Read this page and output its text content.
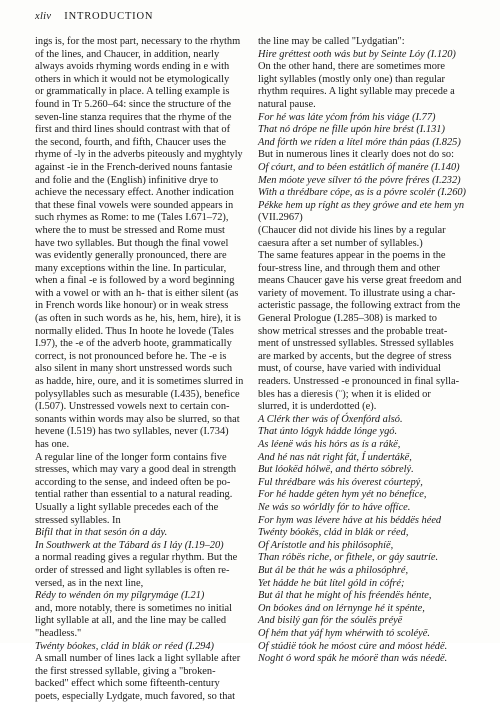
xliv INTRODUCTION
ings is, for the most part, necessary to the rhythm
of the lines, and Chaucer, in addition, nearly
always avoids rhyming words ending in e with
others in which it would not be etymologically
or grammatically in place. A telling example is
found in Tr 5.260–64: since the structure of the
seven-line stanza requires that the rhyme of the
first and third lines should contrast with that of
the second, fourth, and fifth, Chaucer uses the
rhyme of -ly in the adverbs piteously and myghtyly
against -ie in the French-derived nouns fantasie
and folie and the (English) infinitive drye to
achieve the necessary effect. Another indication
that these final vowels were sounded appears in
such rhymes as Rome: to me (Tales I.671–72),
where the to must be stressed and Rome must
have two syllables. But though the final vowel
was evidently generally pronounced, there are
many exceptions within the line. In particular,
when a final -e is followed by a word beginning
with a vowel or with an h- that is either silent (as
in French words like honour) or in weak stress
(as often in such words as he, his, hem, hire), it is
normally elided. Thus In hoote he lovede (Tales
I.97), the -e of the adverb hoote, grammatically
correct, is not pronounced before he. The -e is
also silent in many short unstressed words such
as hadde, hire, oure, and it is sometimes slurred in
polysyllables such as mesurable (I.435), benefice
(I.507). Unstressed vowels next to certain con-
sonants within words may also be slurred, so that
hevene (I.519) has two syllables, never (I.734)
has one.
A regular line of the longer form contains five
stresses, which may vary a good deal in strength
according to the sense, and indeed often be po-
tential rather than essential to a natural reading.
Usually a light syllable precedes each of the
stressed syllables. In
Bifil that in that sesón ón a dáy.
In Southwerk at the Tábard ás I láy (I.19–20)
a normal reading gives a regular rhythm. But the
order of stressed and light syllables is often re-
versed, as in the next line,
Rédy to wénden ón my pílgrymáge (I.21)
and, more notably, there is sometimes no initial
light syllable at all, and the line may be called
"headless."
Twénty bóokes, clád in blák or réed (I.294)
A small number of lines lack a light syllable after
the first stressed syllable, giving a "broken-
backed" effect which some fifteenth-century
poets, especially Lydgate, much favored, so that
the line may be called "Lydgatian":
Hire gréttest ooth wás but by Seinte Lóy (I.120)
On the other hand, there are sometimes more
light syllables (mostly only one) than regular
rhythm requires. A light syllable may precede a
natural pause.
For hé was láte yćom fróm his viáge (I.77)
That nó drópe ne fille upón hire brést (I.131)
And fórth we ríden a lítel móre thán páas (I.825)
But in numerous lines it clearly does not do so:
Of cóurt, and to béen estátlich óf manére (I.140)
Men móote yeve sílver tó the póvre fréres (I.232)
With a thrédbare cópe, as is a póvre scolér (I.260)
Pékke hem up ríght as they grówe and ete hem yn
(VII.2967)
(Chaucer did not divide his lines by a regular
caesura after a set number of syllables.)
The same features appear in the poems in the
four-stress line, and through them and other
means Chaucer gave his verse great freedom and
variety of movement. To illustrate using a char-
acteristic passage, the following extract from the
General Prologue (I.285–308) is marked to
show metrical stresses and the probable treat-
ment of unstressed syllables. Stressed syllables
are marked by accents, but the degree of stress
must, of course, have varied with individual
readers. Unstressed -e pronounced in final sylla-
bles has a dieresis (¨); when it is elided or
slurred, it is underdotted (e).
A Clérk ther wás of Óxenfórd alsó.
That únto lógyk hádde lónge ygó.
As léenë wás his hórs as ís a rákë,
And hé nas nát right fát, Í undertákë,
But lóokëd hólwë, and thérto sóbrelý.
Ful thrédbare wás his óverest cóurtepý,
For hé hadde géten hym yét no bénefíce,
Ne wás so wórldly fór to háve offíce.
For hym was lévere háve at his béddës héed
Twénty bóokës, clád in blák or réed,
Of Arístotle and his philósophíë,
Than róbës riche, or fithele, or gáy sautríe.
But ál be thát he wás a philosóphré,
Yet hádde he bút lítel góld in cófré;
But ál that he míght of his fréendës hénte,
On bóokes ánd on lérnynge hé it spénte,
And bisilý gan fór the sóulës préyë
Of hém that yáf hym whérwith tó scoléyë.
Of stúdië tóok he móost cúre and móost hédë.
Noght ó word spák he móorë than wás néedë.
